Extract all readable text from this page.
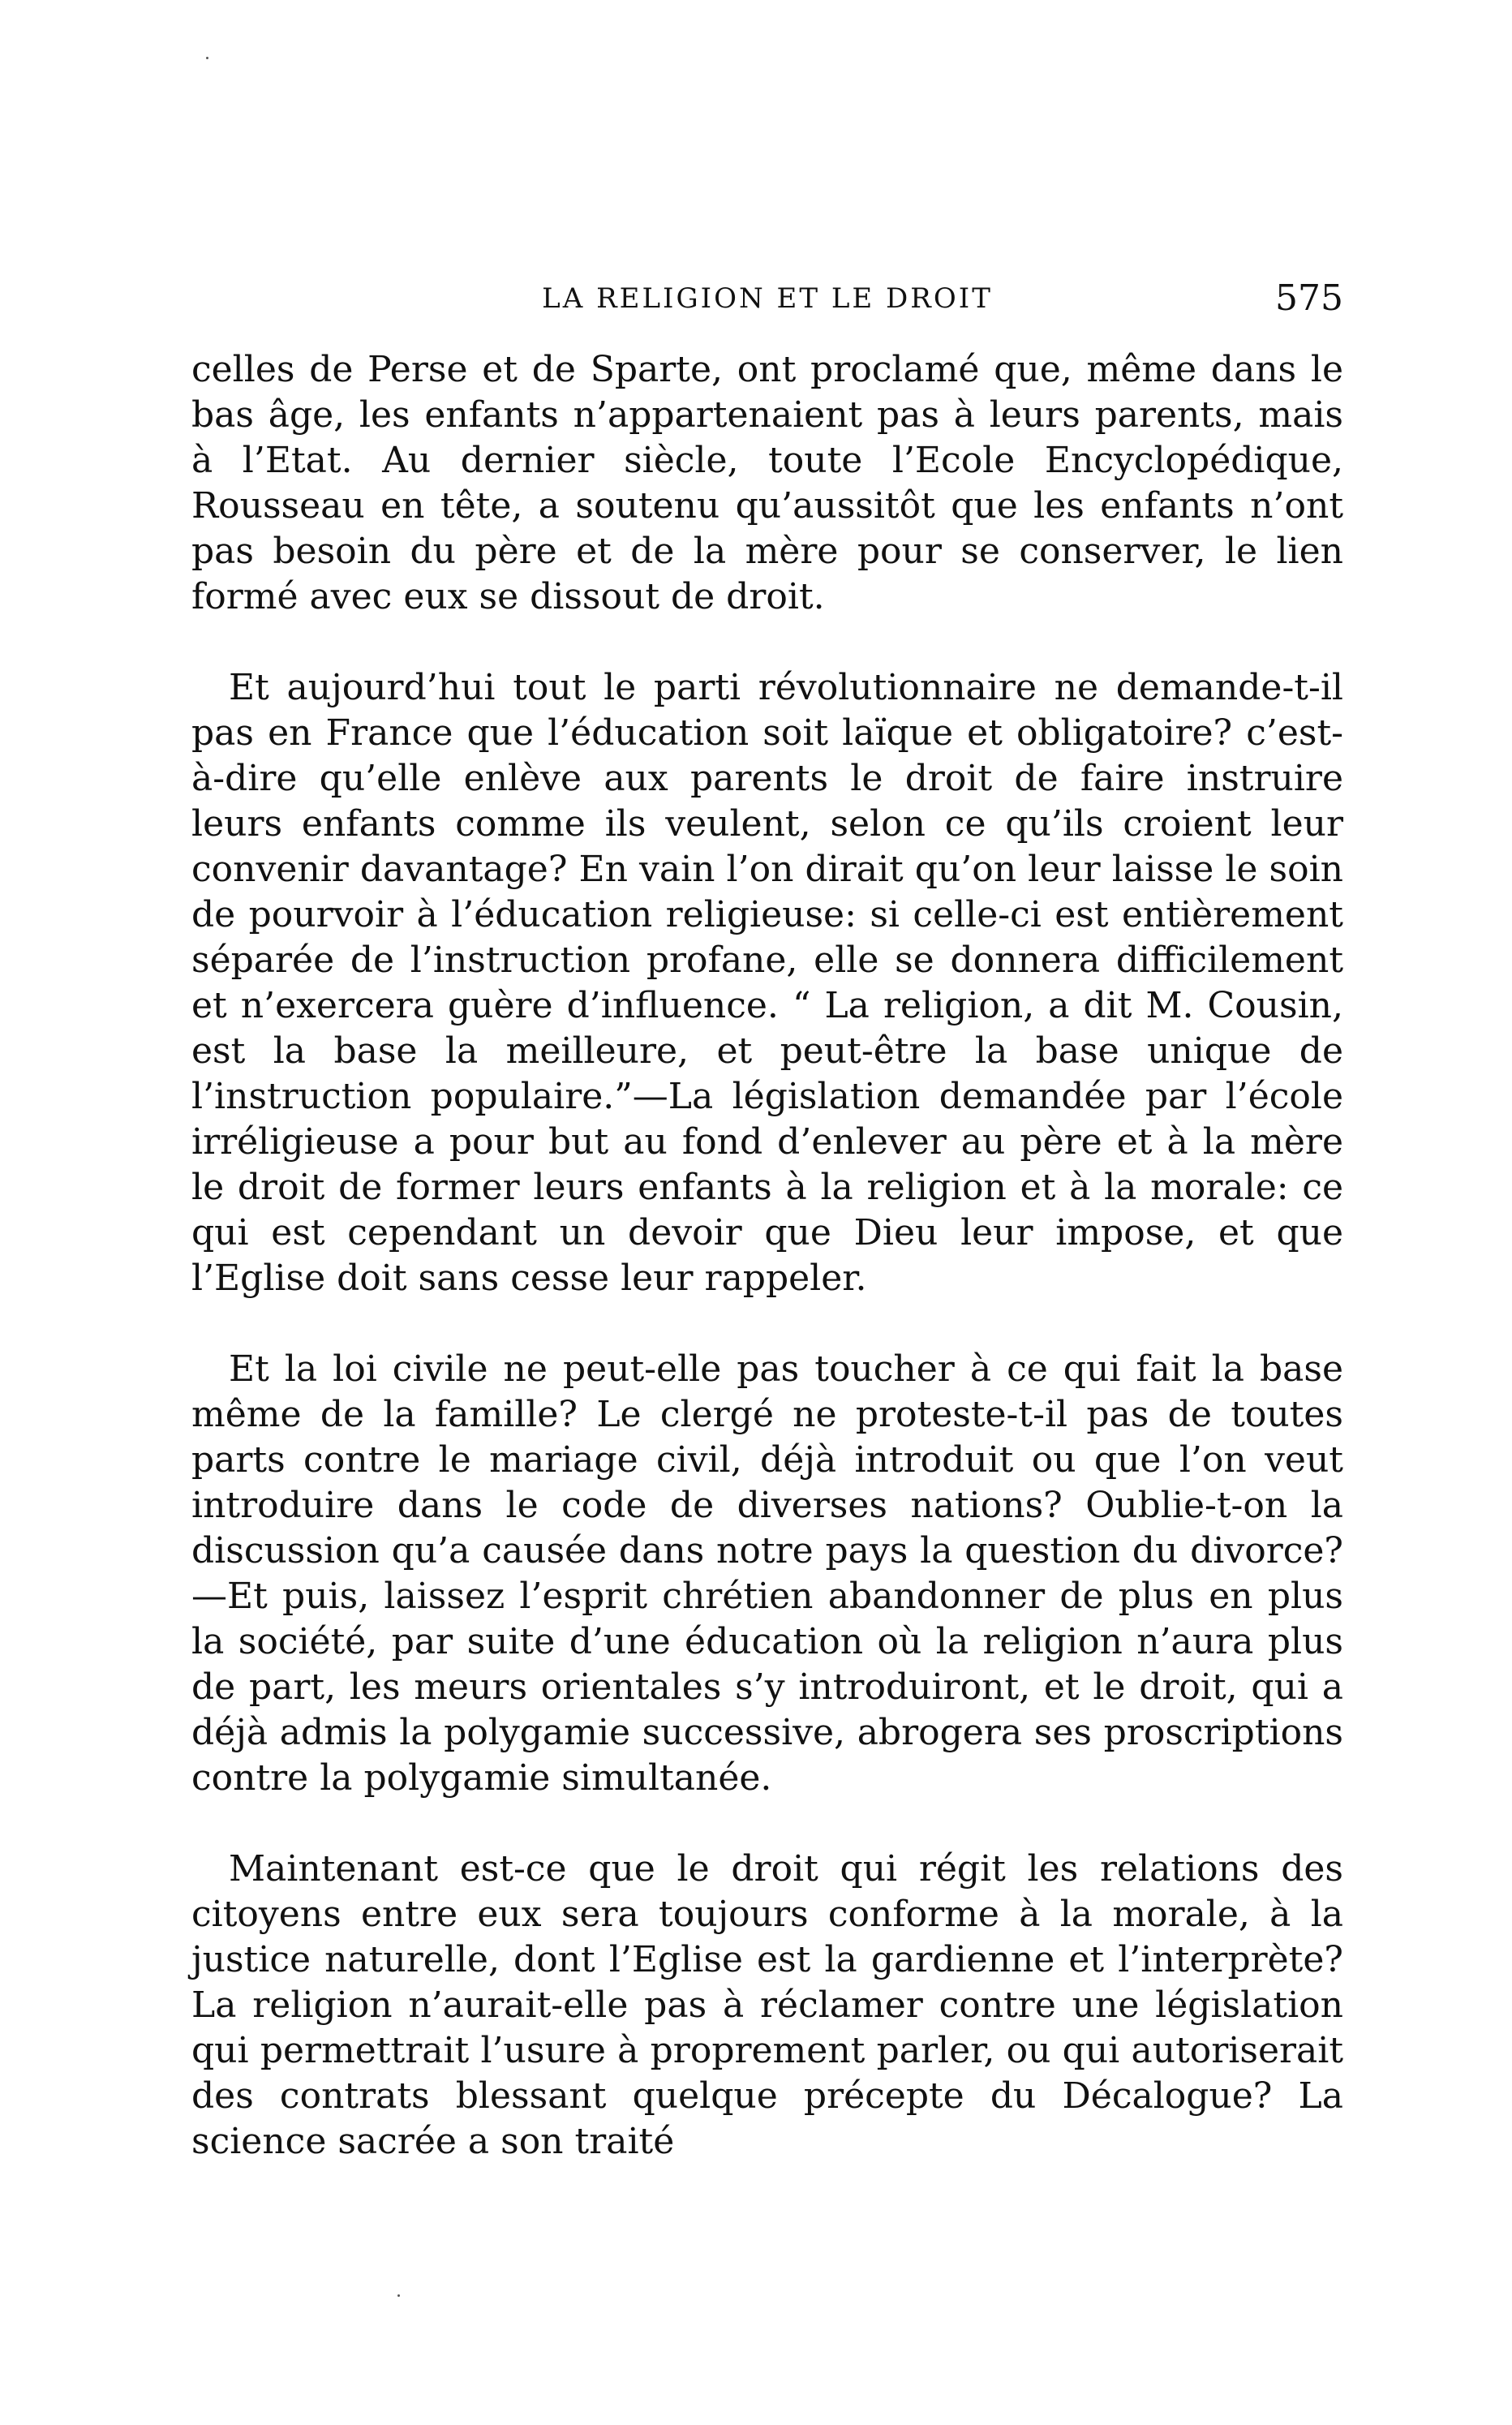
LA RELIGION ET LE DROIT	575

celles de Perse et de Sparte, ont proclamé que, même dans le bas âge, les enfants n’appartenaient pas à leurs parents, mais à l’Etat. Au dernier siècle, toute l’Ecole Encyclopédique, Rousseau en tête, a soutenu qu’aussitôt que les enfants n’ont pas besoin du père et de la mère pour se conserver, le lien formé avec eux se dissout de droit.

Et aujourd’hui tout le parti révolutionnaire ne demande-t-il pas en France que l’éducation soit laïque et obligatoire? c’est-à-dire qu’elle enlève aux parents le droit de faire instruire leurs enfants comme ils veulent, selon ce qu’ils croient leur convenir davantage? En vain l’on dirait qu’on leur laisse le soin de pourvoir à l’éducation religieuse: si celle-ci est entièrement séparée de l’instruction profane, elle se donnera difficilement et n’exercera guère d’influence. “ La religion, a dit M. Cousin, est la base la meilleure, et peut-être la base unique de l’instruction populaire.”—La législation demandée par l’école irréligieuse a pour but au fond d’enlever au père et à la mère le droit de former leurs enfants à la religion et à la morale: ce qui est cependant un devoir que Dieu leur impose, et que l’Eglise doit sans cesse leur rappeler.

Et la loi civile ne peut-elle pas toucher à ce qui fait la base même de la famille? Le clergé ne proteste-t-il pas de toutes parts contre le mariage civil, déjà introduit ou que l’on veut introduire dans le code de diverses nations? Oublie-t-on la discussion qu’a causée dans notre pays la question du divorce?—Et puis, laissez l’esprit chrétien abandonner de plus en plus la société, par suite d’une éducation où la religion n’aura plus de part, les meurs orientales s’y introduiront, et le droit, qui a déjà admis la polygamie successive, abrogera ses proscriptions contre la polygamie simultanée.

Maintenant est-ce que le droit qui régit les relations des citoyens entre eux sera toujours conforme à la morale, à la justice naturelle, dont l’Eglise est la gardienne et l’interprète? La religion n’aurait-elle pas à réclamer contre une législation qui permettrait l’usure à proprement parler, ou qui autoriserait des contrats blessant quelque précepte du Décalogue? La science sacrée a son traité
